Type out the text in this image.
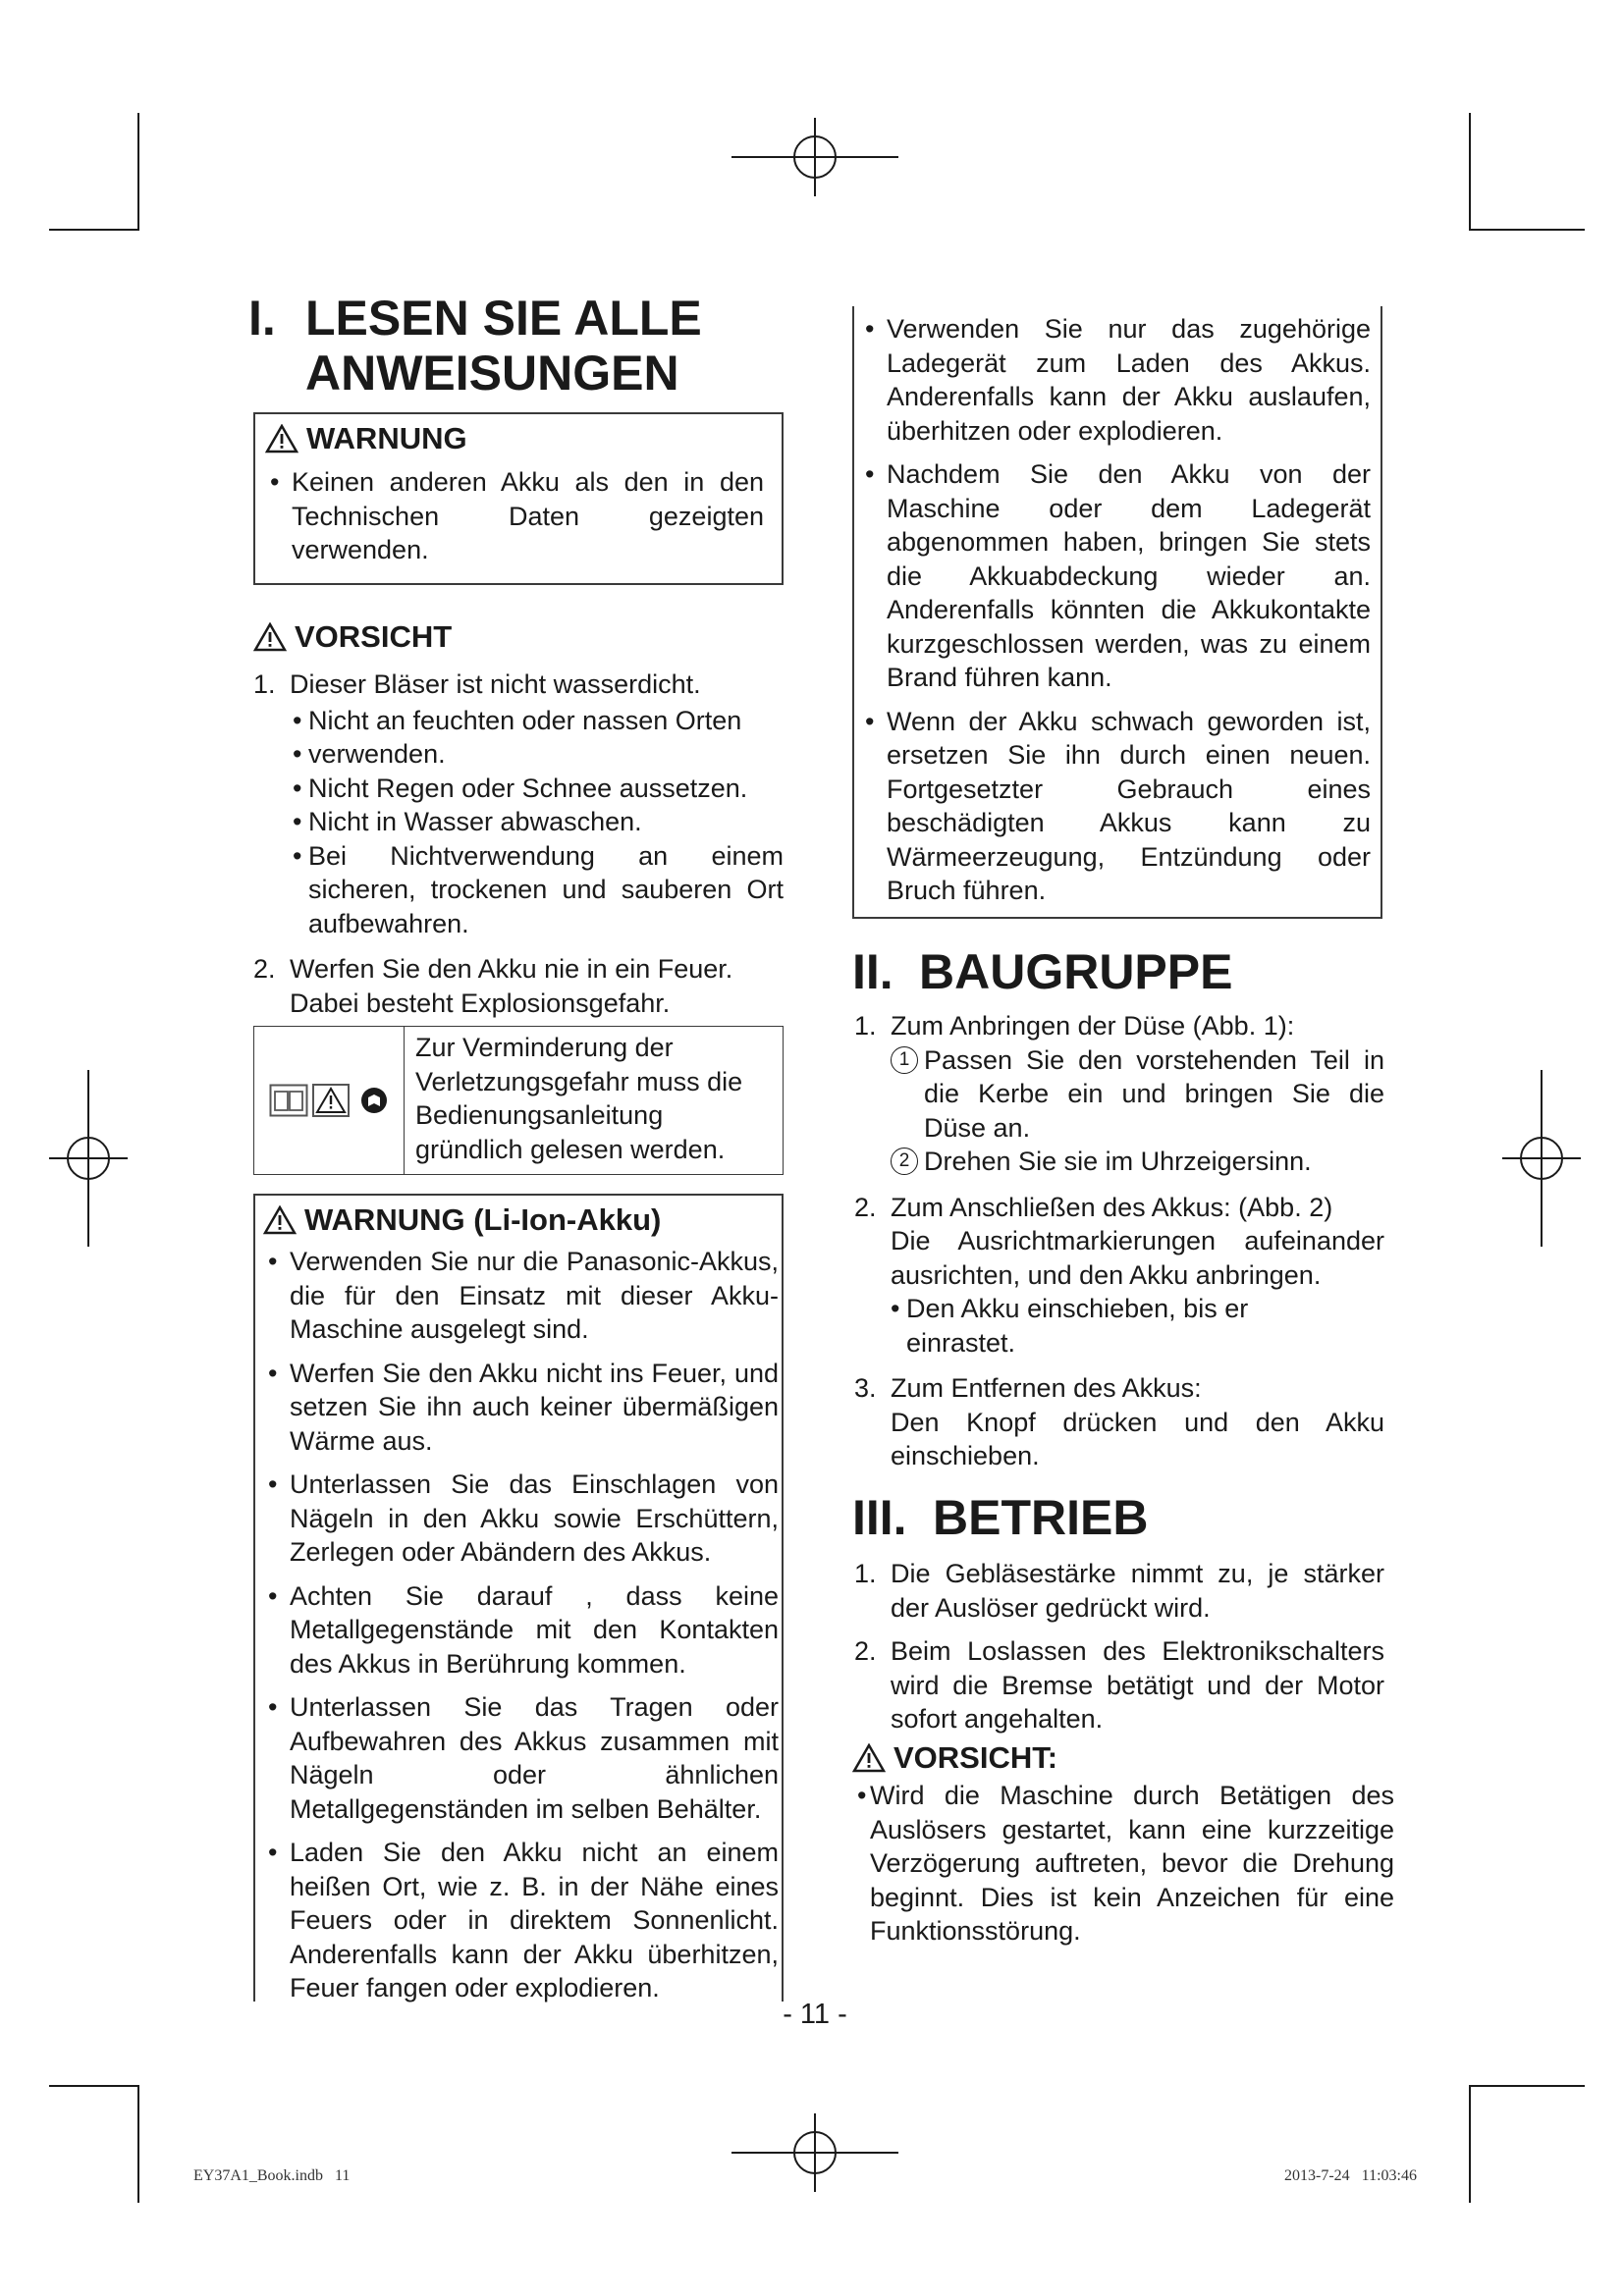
I. LESEN SIE ALLE
ANWEISUNGEN
WARNUNG
• Keinen anderen Akku als den in den Technischen Daten gezeigten verwenden.
VORSICHT
1. Dieser Bläser ist nicht wasserdicht.
• Nicht an feuchten oder nassen Orten
• verwenden.
• Nicht Regen oder Schnee aussetzen.
• Nicht in Wasser abwaschen.
• Bei Nichtverwendung an einem sicheren, trockenen und sauberen Ort aufbewahren.
2. Werfen Sie den Akku nie in ein Feuer. Dabei besteht Explosionsgefahr.
Zur Verminderung der Verletzungsgefahr muss die Bedienungsanleitung gründlich gelesen werden.
WARNUNG (Li-Ion-Akku)
• Verwenden Sie nur die Panasonic-Akkus, die für den Einsatz mit dieser Akku-Maschine ausgelegt sind.
• Werfen Sie den Akku nicht ins Feuer, und setzen Sie ihn auch keiner übermäßigen Wärme aus.
• Unterlassen Sie das Einschlagen von Nägeln in den Akku sowie Erschüttern, Zerlegen oder Abändern des Akkus.
• Achten Sie darauf , dass keine Metallgegenstände mit den Kontakten des Akkus in Berührung kommen.
• Unterlassen Sie das Tragen oder Aufbewahren des Akkus zusammen mit Nägeln oder ähnlichen Metallgegenständen im selben Behälter.
• Laden Sie den Akku nicht an einem heißen Ort, wie z. B. in der Nähe eines Feuers oder in direktem Sonnenlicht. Anderenfalls kann der Akku überhitzen, Feuer fangen oder explodieren.
• Verwenden Sie nur das zugehörige Ladegerät zum Laden des Akkus. Anderenfalls kann der Akku auslaufen, überhitzen oder explodieren.
• Nachdem Sie den Akku von der Maschine oder dem Ladegerät abgenommen haben, bringen Sie stets die Akkuabdeckung wieder an. Anderenfalls könnten die Akkukontakte kurzgeschlossen werden, was zu einem Brand führen kann.
• Wenn der Akku schwach geworden ist, ersetzen Sie ihn durch einen neuen. Fortgesetzter Gebrauch eines beschädigten Akkus kann zu Wärmeerzeugung, Entzündung oder Bruch führen.
II. BAUGRUPPE
1. Zum Anbringen der Düse (Abb. 1):
1 Passen Sie den vorstehenden Teil in die Kerbe ein und bringen Sie die Düse an.
2 Drehen Sie sie im Uhrzeigersinn.
2. Zum Anschließen des Akkus: (Abb. 2)
Die Ausrichtmarkierungen aufeinander ausrichten, und den Akku anbringen.
• Den Akku einschieben, bis er einrastet.
3. Zum Entfernen des Akkus:
Den Knopf drücken und den Akku einschieben.
III. BETRIEB
1. Die Gebläsestärke nimmt zu, je stärker der Auslöser gedrückt wird.
2. Beim Loslassen des Elektronikschalters wird die Bremse betätigt und der Motor sofort angehalten.
VORSICHT:
• Wird die Maschine durch Betätigen des Auslösers gestartet, kann eine kurzzeitige Verzögerung auftreten, bevor die Drehung beginnt. Dies ist kein Anzeichen für eine Funktionsstörung.
- 11 -
EY37A1_Book.indb   11	2013-7-24   11:03:46
